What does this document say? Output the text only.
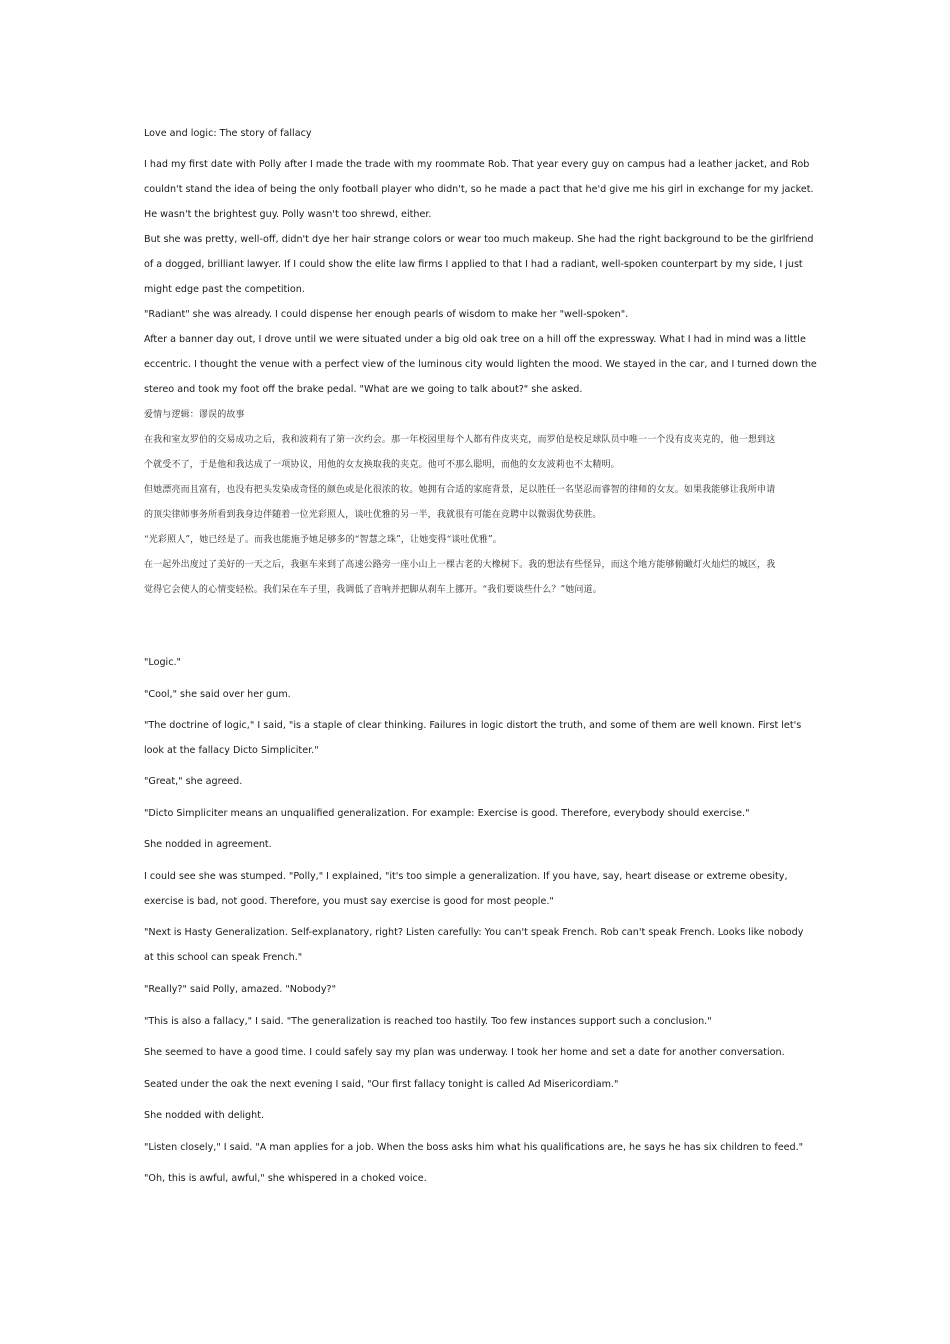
Love and logic: The story of fallacy
I had my first date with Polly after I made the trade with my roommate Rob. That year every guy on campus had a leather jacket, and Rob
couldn't stand the idea of being the only football player who didn't, so he made a pact that he'd give me his girl in exchange for my jacket.
He wasn't the brightest guy. Polly wasn't too shrewd, either.
But she was pretty, well-off, didn't dye her hair strange colors or wear too much makeup. She had the right background to be the girlfriend
of a dogged, brilliant lawyer. If I could show the elite law firms I applied to that I had a radiant, well-spoken counterpart by my side, I just
might edge past the competition.
"Radiant" she was already. I could dispense her enough pearls of wisdom to make her "well-spoken".
After a banner day out, I drove until we were situated under a big old oak tree on a hill off the expressway. What I had in mind was a little
eccentric. I thought the venue with a perfect view of the luminous city would lighten the mood. We stayed in the car, and I turned down the
stereo and took my foot off the brake pedal. "What are we going to talk about?" she asked.
爱情与逻辑：谬误的故事
在我和室友罗伯的交易成功之后，我和波莉有了第一次约会。那一年校园里每个人都有件皮夹克，而罗伯是校足球队员中唯一一个没有皮夹克的，他一想到这
个就受不了，于是他和我达成了一项协议，用他的女友换取我的夹克。他可不那么聪明，而他的女友波莉也不太精明。
但她漂亮而且富有，也没有把头发染成奇怪的颜色或是化很浓的妆。她拥有合适的家庭背景，足以胜任一名坚忍而睿智的律师的女友。如果我能够让我所申请
的顶尖律师事务所看到我身边伴随着一位光彩照人，谈吐优雅的另一半，我就很有可能在竞聘中以微弱优势获胜。
“光彩照人”，她已经是了。而我也能施予她足够多的“智慧之珠”，让她变得“谈吐优雅”。
在一起外出度过了美好的一天之后，我驱车来到了高速公路旁一座小山上一棵古老的大橡树下。我的想法有些怪异，而这个地方能够俯瞰灯火灿烂的城区，我
觉得它会使人的心情变轻松。我们呆在车子里，我调低了音响并把脚从刹车上挪开。“我们要谈些什么？”她问道。
"Logic."
"Cool," she said over her gum.
"The doctrine of logic," I said, "is a staple of clear thinking. Failures in logic distort the truth, and some of them are well known. First let's
look at the fallacy Dicto Simpliciter."
"Great," she agreed.
"Dicto Simpliciter means an unqualified generalization. For example: Exercise is good. Therefore, everybody should exercise."
She nodded in agreement.
I could see she was stumped. "Polly," I explained, "it's too simple a generalization. If you have, say, heart disease or extreme obesity,
exercise is bad, not good. Therefore, you must say exercise is good for most people."
"Next is Hasty Generalization. Self-explanatory, right? Listen carefully: You can't speak French. Rob can't speak French. Looks like nobody
at this school can speak French."
"Really?" said Polly, amazed. "Nobody?"
"This is also a fallacy," I said. "The generalization is reached too hastily. Too few instances support such a conclusion."
She seemed to have a good time. I could safely say my plan was underway. I took her home and set a date for another conversation.
Seated under the oak the next evening I said, "Our first fallacy tonight is called Ad Misericordiam."
She nodded with delight.
"Listen closely," I said. "A man applies for a job. When the boss asks him what his qualifications are, he says he has six children to feed."
"Oh, this is awful, awful," she whispered in a choked voice.
